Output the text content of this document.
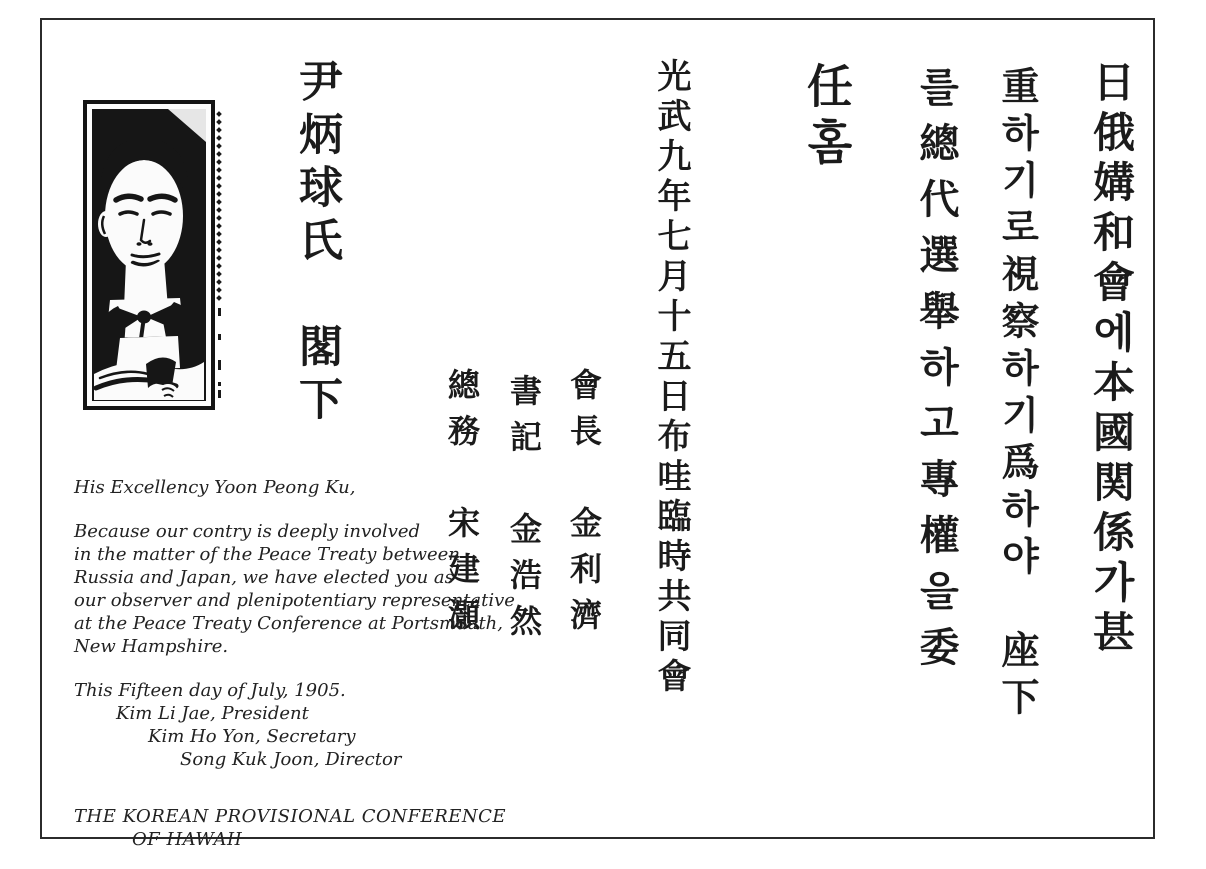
尹炳球氏　閣下	日俄媾和會에本國関係가甚
重하기로視察하기爲하야　座下
를總代選舉하고專權을委
任홈
光武九年七月十五日布哇臨時共同會
會長　金利濟
書記　金浩然
總務　宋建灝
His Excellency Yoon Peong Ku,
Because our contry is deeply involved
in the matter of the Peace Treaty between
Russia and Japan, we have elected you as
our observer and plenipotentiary representative
at the Peace Treaty Conference at Portsmouth,
New Hampshire.
This Fifteen day of July, 1905.
Kim Li Jae, President
Kim Ho Yon, Secretary
Song Kuk Joon, Director
THE KOREAN PROVISIONAL CONFERENCE
OF HAWAII
